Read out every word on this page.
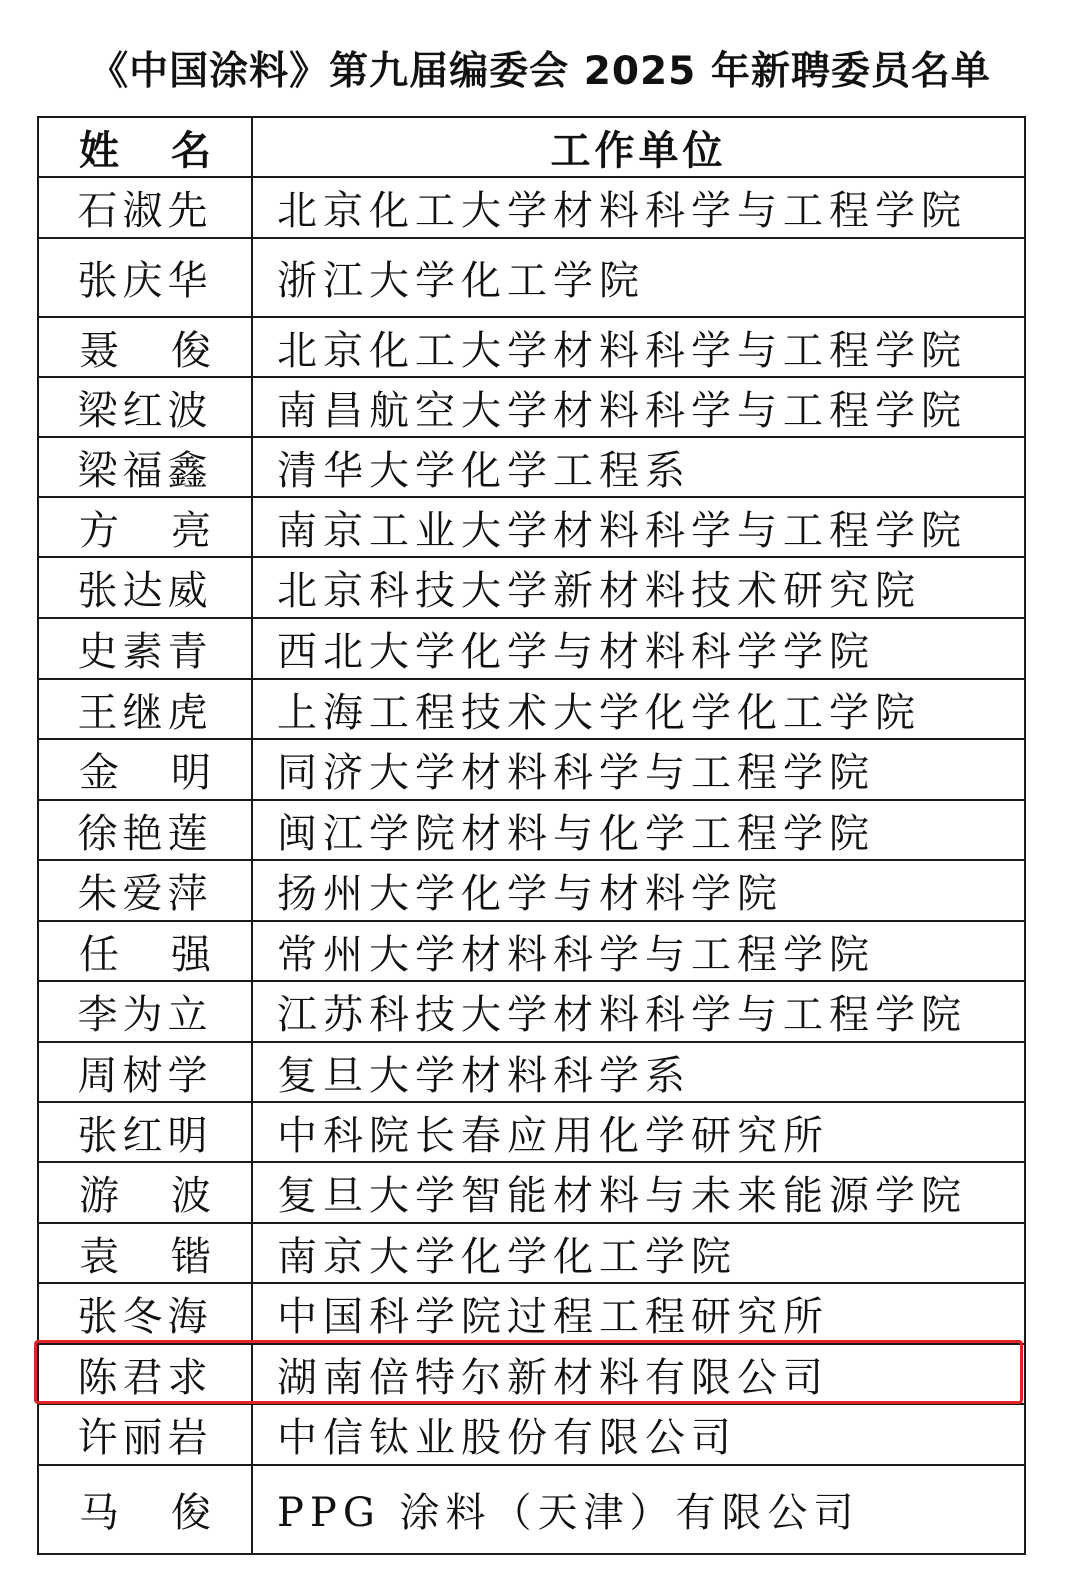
《中国涂料》第九届编委会 2025 年新聘委员名单
姓名	工作单位
石淑先	北京化工大学材料科学与工程学院
张庆华	浙江大学化工学院
聂俊 北京化工大学材料科学与工程学院
梁红波	南昌航空大学材料科学与工程学院
梁福鑫	清华大学化学工程系
方亮 南京工业大学材料科学与工程学院
张达威	北京科技大学新材料技术研究院
史素青	西北大学化学与材料科学学院
王继虎	上海工程技术大学化学化工学院
金明 同济大学材料科学与工程学院
徐艳莲	闽江学院材料与化学工程学院
朱爱萍	扬州大学化学与材料学院
任强 常州大学材料科学与工程学院
李为立	江苏科技大学材料科学与工程学院
周树学	复旦大学材料科学系
张红明	中科院长春应用化学研究所
游波 复旦大学智能材料与未来能源学院
袁锴 南京大学化学化工学院
张冬海	中国科学院过程工程研究所
陈君求	湖南倍特尔新材料有限公司
许丽岩	中信钛业股份有限公司
马俊 PPG 涂料（天津）有限公司
